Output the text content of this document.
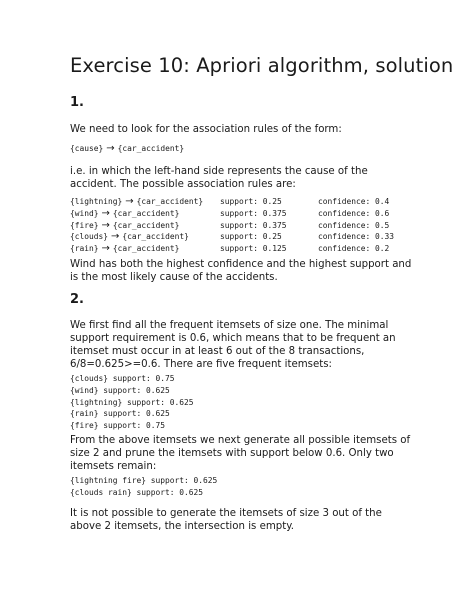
Exercise 10: Apriori algorithm, solution
1.

We need to look for the association rules of the form:

{cause} → {car_accident}

i.e. in which the left-hand side represents the cause of the accident. The possible association rules are:

{lightning} → {car_accident}	support: 0.25	confidence: 0.4
{wind} → {car_accident}	support: 0.375	confidence: 0.6
{fire} → {car_accident}	support: 0.375	confidence: 0.5
{clouds} → {car_accident}	support: 0.25	confidence: 0.33
{rain} → {car_accident}	support: 0.125	confidence: 0.2

Wind has both the highest confidence and the highest support and is the most likely cause of the accidents.

2.

We first find all the frequent itemsets of size one. The minimal support requirement is 0.6, which means that to be frequent an itemset must occur in at least 6 out of the 8 transactions, 6/8=0.625>=0.6. There are five frequent itemsets:

{clouds} support: 0.75
{wind} support: 0.625
{lightning} support: 0.625
{rain} support: 0.625
{fire} support: 0.75

From the above itemsets we next generate all possible itemsets of size 2 and prune the itemsets with support below 0.6. Only two itemsets remain:

{lightning fire} support: 0.625
{clouds rain} support: 0.625

It is not possible to generate the itemsets of size 3 out of the above 2 itemsets, the intersection is empty.
